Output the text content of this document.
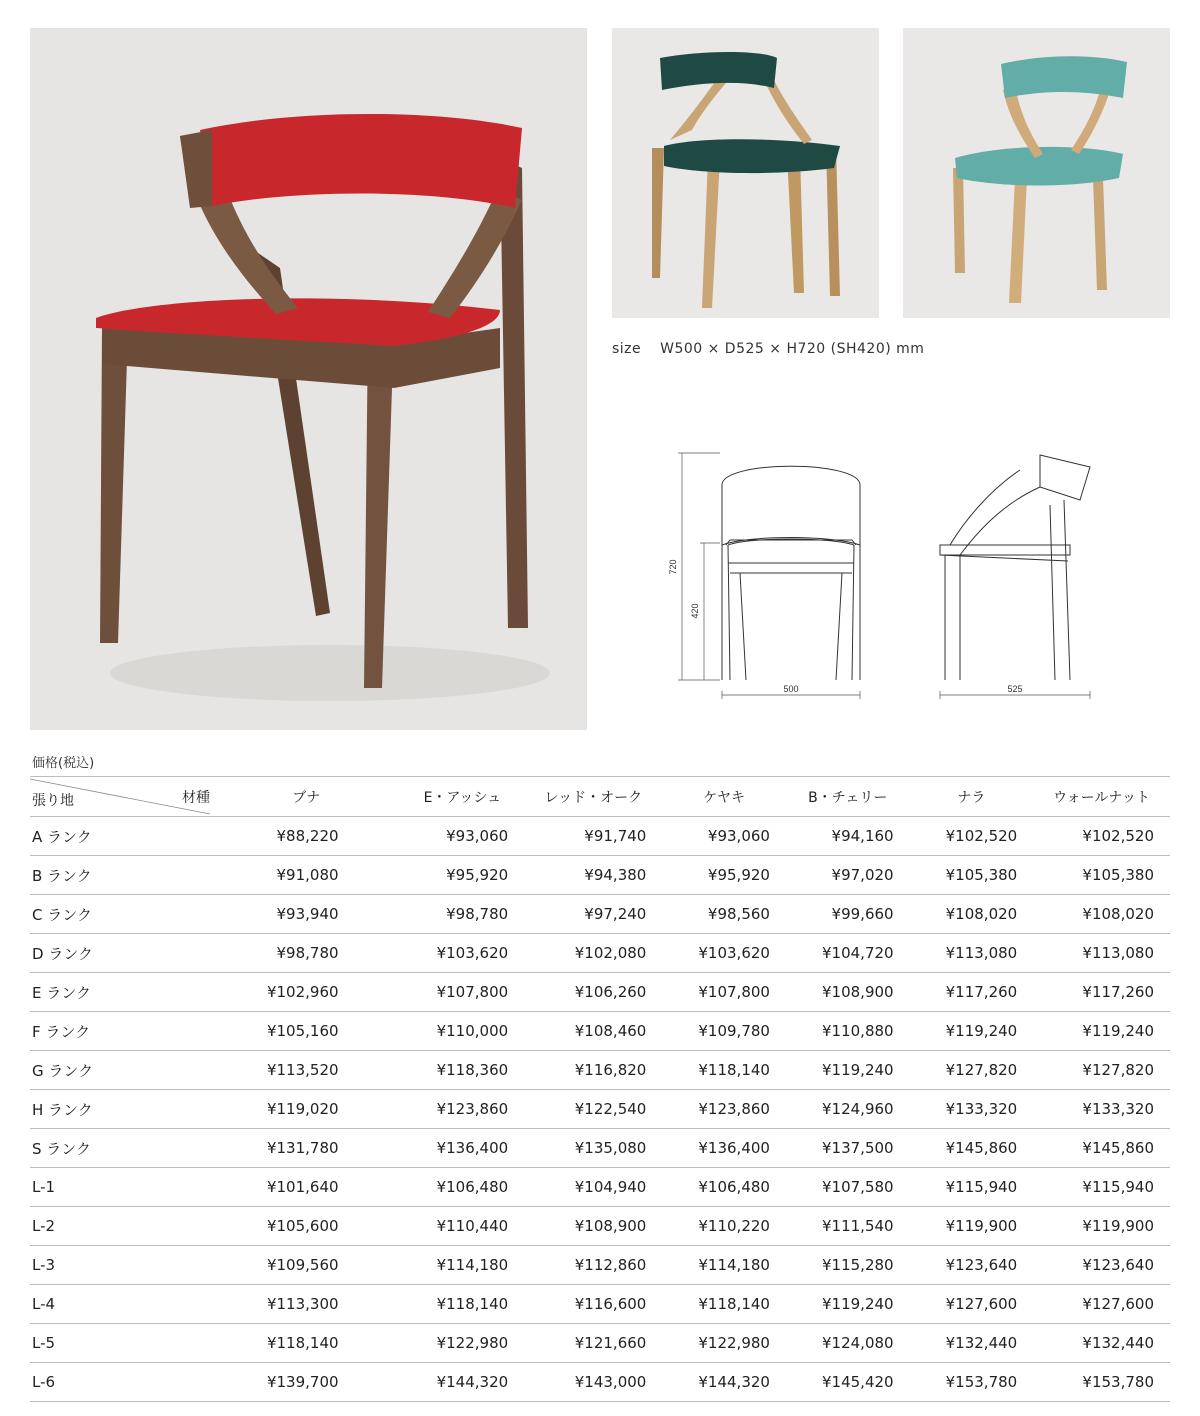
size W500 × D525 × H720 (SH420) mm
720
420
500	525
価格(税込)
張り地 材種	ブナ	E・アッシュ	レッド・オーク	ケヤキ	B・チェリー	ナラ	ウォールナット
A ランク	¥88,220	¥93,060	¥91,740	¥93,060	¥94,160	¥102,520	¥102,520
B ランク	¥91,080	¥95,920	¥94,380	¥95,920	¥97,020	¥105,380	¥105,380
C ランク	¥93,940	¥98,780	¥97,240	¥98,560	¥99,660	¥108,020	¥108,020
D ランク	¥98,780	¥103,620	¥102,080	¥103,620	¥104,720	¥113,080	¥113,080
E ランク	¥102,960	¥107,800	¥106,260	¥107,800	¥108,900	¥117,260	¥117,260
F ランク	¥105,160	¥110,000	¥108,460	¥109,780	¥110,880	¥119,240	¥119,240
G ランク	¥113,520	¥118,360	¥116,820	¥118,140	¥119,240	¥127,820	¥127,820
H ランク	¥119,020	¥123,860	¥122,540	¥123,860	¥124,960	¥133,320	¥133,320
S ランク	¥131,780	¥136,400	¥135,080	¥136,400	¥137,500	¥145,860	¥145,860
L-1	¥101,640	¥106,480	¥104,940	¥106,480	¥107,580	¥115,940	¥115,940
L-2	¥105,600	¥110,440	¥108,900	¥110,220	¥111,540	¥119,900	¥119,900
L-3	¥109,560	¥114,180	¥112,860	¥114,180	¥115,280	¥123,640	¥123,640
L-4	¥113,300	¥118,140	¥116,600	¥118,140	¥119,240	¥127,600	¥127,600
L-5	¥118,140	¥122,980	¥121,660	¥122,980	¥124,080	¥132,440	¥132,440
L-6	¥139,700	¥144,320	¥143,000	¥144,320	¥145,420	¥153,780	¥153,780
